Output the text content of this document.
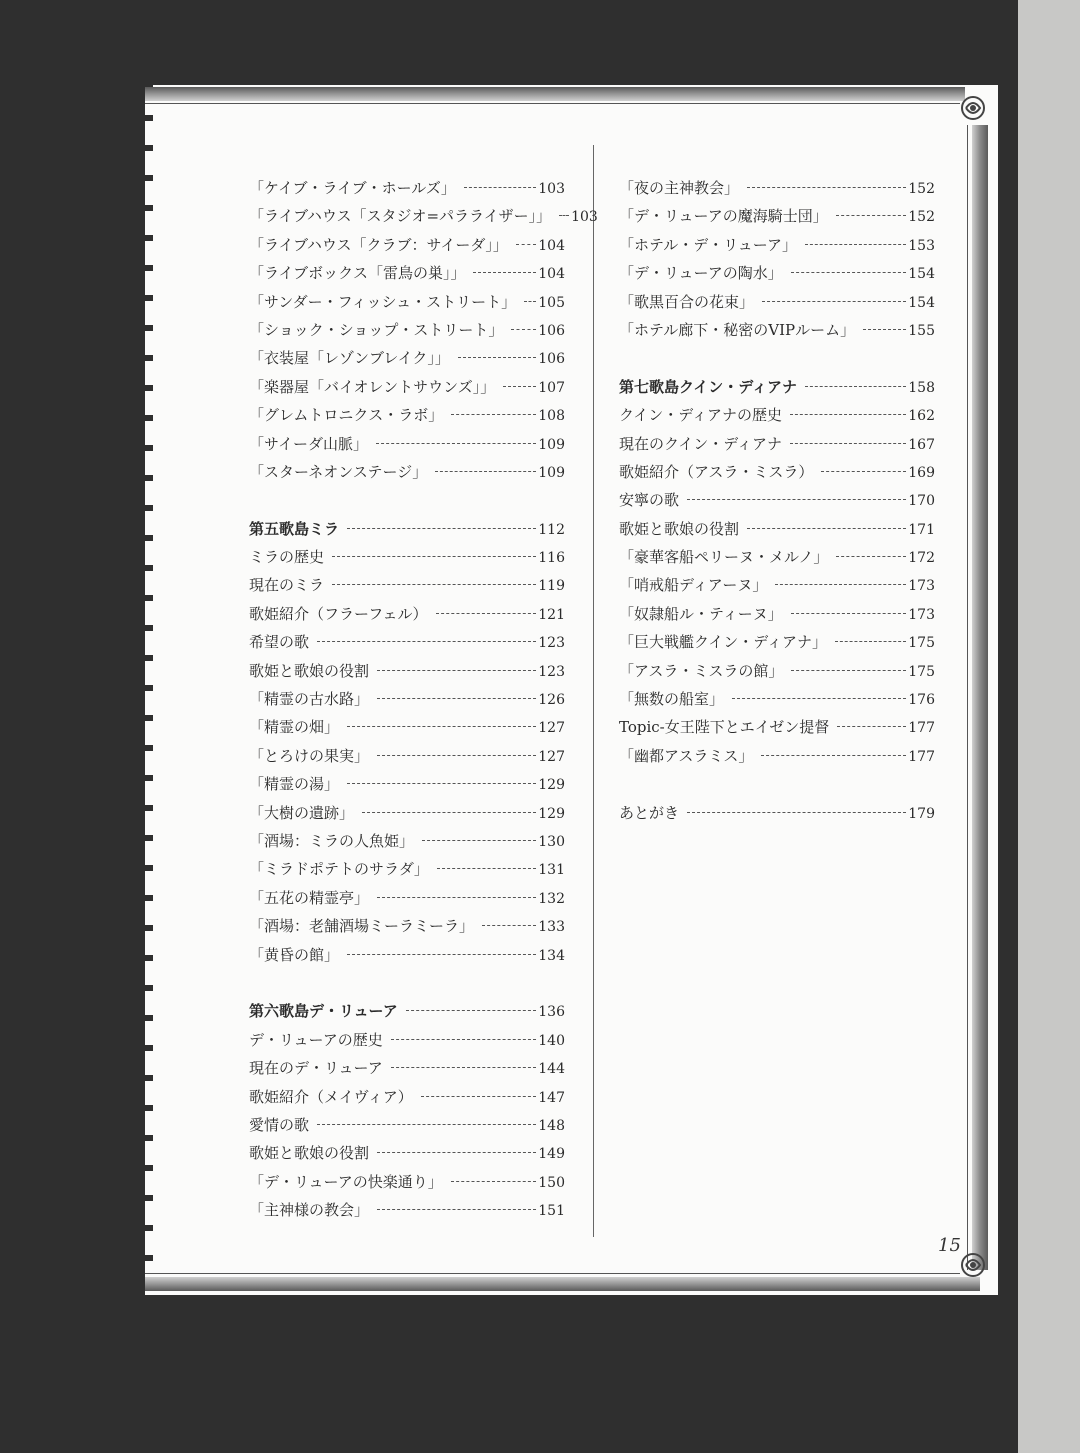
「ケイブ・ライブ・ホールズ」	103
「ライブハウス「スタジオ=パラライザー」」 103
「ライブハウス「クラブ：サイーダ」」 104
「ライブボックス「雷鳥の巣」」	104
「サンダー・フィッシュ・ストリート」 105
「ショック・ショップ・ストリート」 106
「衣装屋「レゾンブレイク」」	106
「楽器屋「バイオレントサウンズ」」	107
「グレムトロニクス・ラボ」	108
「サイーダ山脈」	109
「スターネオンステージ」	109
第五歌島ミラ	112
ミラの歴史	116
現在のミラ	119
歌姫紹介（フラーフェル）	121
希望の歌	123
歌姫と歌娘の役割	123
「精霊の古水路」	126
「精霊の畑」	127
「とろけの果実」	127
「精霊の湯」	129
「大樹の遺跡」	129
「酒場：ミラの人魚姫」	130
「ミラドポテトのサラダ」	131
「五花の精霊亭」	132
「酒場：老舗酒場ミーラミーラ」	133
「黄昏の館」	134
第六歌島デ・リューア	136
デ・リューアの歴史	140
現在のデ・リューア	144
歌姫紹介（メイヴィア）	147
愛情の歌	148
歌姫と歌娘の役割	149
「デ・リューアの快楽通り」	150
「主神様の教会」	151
「夜の主神教会」	152
「デ・リューアの魔海騎士団」	152
「ホテル・デ・リューア」	153
「デ・リューアの陶水」	154
「歌黒百合の花束」	154
「ホテル廊下・秘密のVIPルーム」	155
第七歌島クイン・ディアナ	158
クイン・ディアナの歴史	162
現在のクイン・ディアナ	167
歌姫紹介（アスラ・ミスラ）	169
安寧の歌	170
歌姫と歌娘の役割	171
「豪華客船ペリーヌ・メルノ」	172
「哨戒船ディアーヌ」	173
「奴隷船ル・ティーヌ」	173
「巨大戦艦クイン・ディアナ」	175
「アスラ・ミスラの館」	175
「無数の船室」	176
Topic-女王陛下とエイゼン提督	177
「幽都アスラミス」	177
あとがき	179
15
